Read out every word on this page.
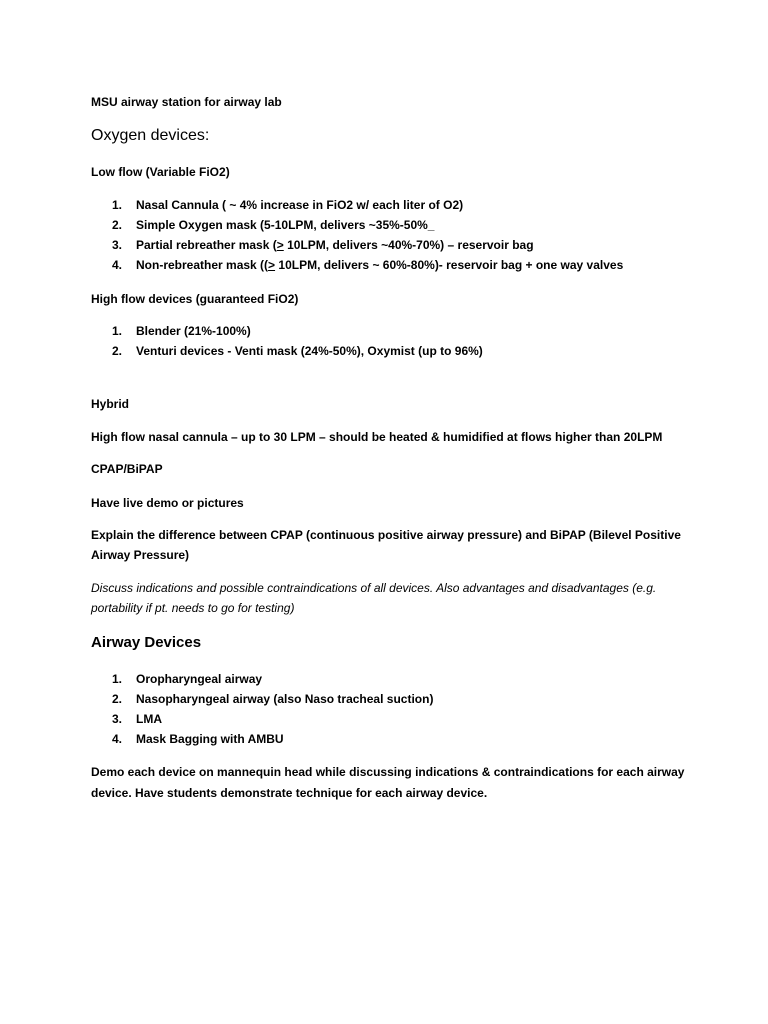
MSU airway station for airway lab

Oxygen devices:

Low flow (Variable FiO2)

1.	Nasal Cannula ( ~ 4% increase in FiO2 w/ each liter of O2)
2.	Simple Oxygen mask (5-10LPM, delivers ~35%-50%_
3.	Partial rebreather mask (≥ 10LPM, delivers ~40%-70%) – reservoir bag
4.	Non-rebreather mask ((≥ 10LPM, delivers ~ 60%-80%)- reservoir bag + one way valves

High flow devices (guaranteed FiO2)

1.	Blender (21%-100%)
2.	Venturi devices - Venti mask (24%-50%), Oxymist (up to 96%)

Hybrid

High flow nasal cannula – up to 30 LPM – should be heated & humidified at flows higher than 20LPM

CPAP/BiPAP

Have live demo or pictures

Explain the difference between CPAP (continuous positive airway pressure) and BiPAP (Bilevel Positive

Airway Pressure)

Discuss indications and possible contraindications of all devices. Also advantages and disadvantages (e.g.

portability if pt. needs to go for testing)

Airway Devices

1.	Oropharyngeal airway
2.	Nasopharyngeal airway (also Naso tracheal suction)
3.	LMA
4.	Mask Bagging with AMBU

Demo each device on mannequin head while discussing indications & contraindications for each airway

device. Have students demonstrate technique for each airway device.
